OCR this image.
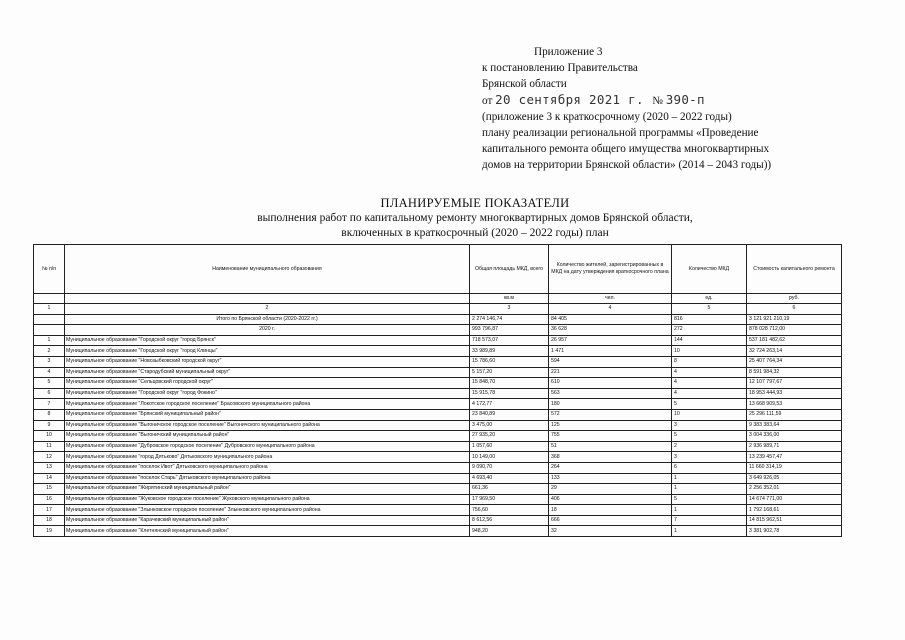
Приложение 3
к постановлению Правительства
Брянской области
от 20 сентября 2021 г. № 390-п
(приложение 3 к краткосрочному (2020 – 2022 годы)
плану реализации региональной программы «Проведение
капитального ремонта общего имущества многоквартирных
домов на территории Брянской области» (2014 – 2043 годы))
ПЛАНИРУЕМЫЕ ПОКАЗАТЕЛИ
выполнения работ по капитальному ремонту многоквартирных домов Брянской области,
включенных в краткосрочный (2020 – 2022 годы) план
№ п/п	Наименование муниципального образования	Общая площадь МКД, всего	Количество жителей, зарегистрированных в МКД на дату утверждения краткосрочного плана	Количество МКД	Стоимость капитального ремонта
		кв.м	чел.	ед.	руб.
1	2	3	4	5	6
	Итого по Брянской области (2020-2022 гг.)	2 274 146,74	84 405	816	3 121 921 210,19
	2020 г.	993 796,87	36 628	272	878 028 712,00
1	Муниципальное образование "Городской округ "город Брянск"	718 573,07	26 957	144	537 181 482,62
2	Муниципальное образование "Городской округ "город Клинцы"	33 989,89	1 471	10	32 724 263,14
3	Муниципальное образование "Новозыбковский городской округ"	15 786,60	594	8	25 407 764,34
4	Муниципальное образование "Стародубский муниципальный округ"	5 157,20	221	4	8 591 984,32
5	Муниципальное образование "Сельцовский городской округ"	15 848,70	610	4	12 107 797,67
6	Муниципальное образование "Городской округ "город Фокино"	15 915,78	563	4	18 953 444,93
7	Муниципальное образование "Локотское городское поселение" Брасовского муниципального района	4 172,77	180	5	13 668 909,53
8	Муниципальное образование "Брянский муниципальный район"	23 840,89	572	10	25 296 111,59
9	Муниципальное образование "Выгоничское городское поселение" Выгоничского муниципального района	3 475,00	125	3	9 383 383,64
10	Муниципальное образование "Выгоничский муниципальный район"	27 935,20	755	5	3 004 336,00
11	Муниципальное образование "Дубровское городское поселение" Дубровского муниципального района	1 057,60	51	2	2 936 989,71
12	Муниципальное образование "город Дятьково" Дятьковского муниципального района	10 149,00	368	3	13 239 457,47
13	Муниципальное образование "поселок Ивот" Дятьковского муниципального района	9 090,70	264	6	11 660 314,19
14	Муниципальное образование "поселок Старь" Дятьковского муниципального района	4 693,40	133	1	3 649 926,05
15	Муниципальное образование "Жирятинский муниципальный район"	661,36	29	1	2 256 352,01
16	Муниципальное образование "Жуковское городское поселение" Жуковского муниципального района	17 969,50	406	5	14 674 771,00
17	Муниципальное образование "Злынковское городское поселение" Злынковского муниципального района	756,60	18	1	1 792 168,61
18	Муниципальное образование "Карачевский муниципальный район"	8 612,56	666	7	14 815 962,51
19	Муниципальное образование "Клетнянский муниципальный район"	948,20	32	1	3 381 902,78
